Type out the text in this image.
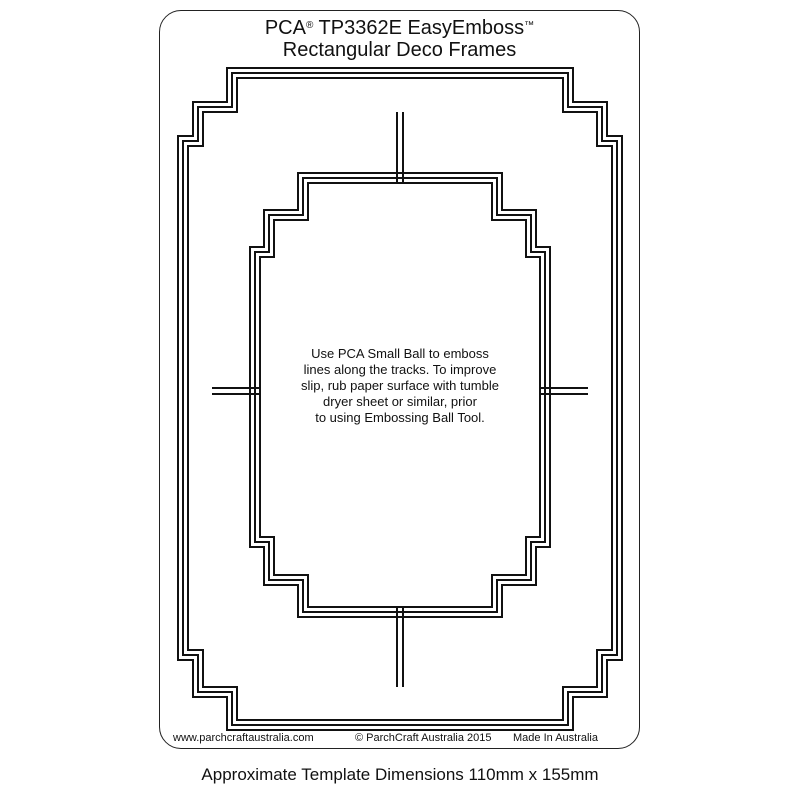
PCA® TP3362E EasyEmboss™
Rectangular Deco Frames
Use PCA Small Ball to emboss
lines along the tracks. To improve
slip, rub paper surface with tumble
dryer sheet or similar, prior
to using Embossing Ball Tool.
www.parchcraftaustralia.com	© ParchCraft Australia 2015 Made In Australia
Approximate Template Dimensions 110mm x 155mm
